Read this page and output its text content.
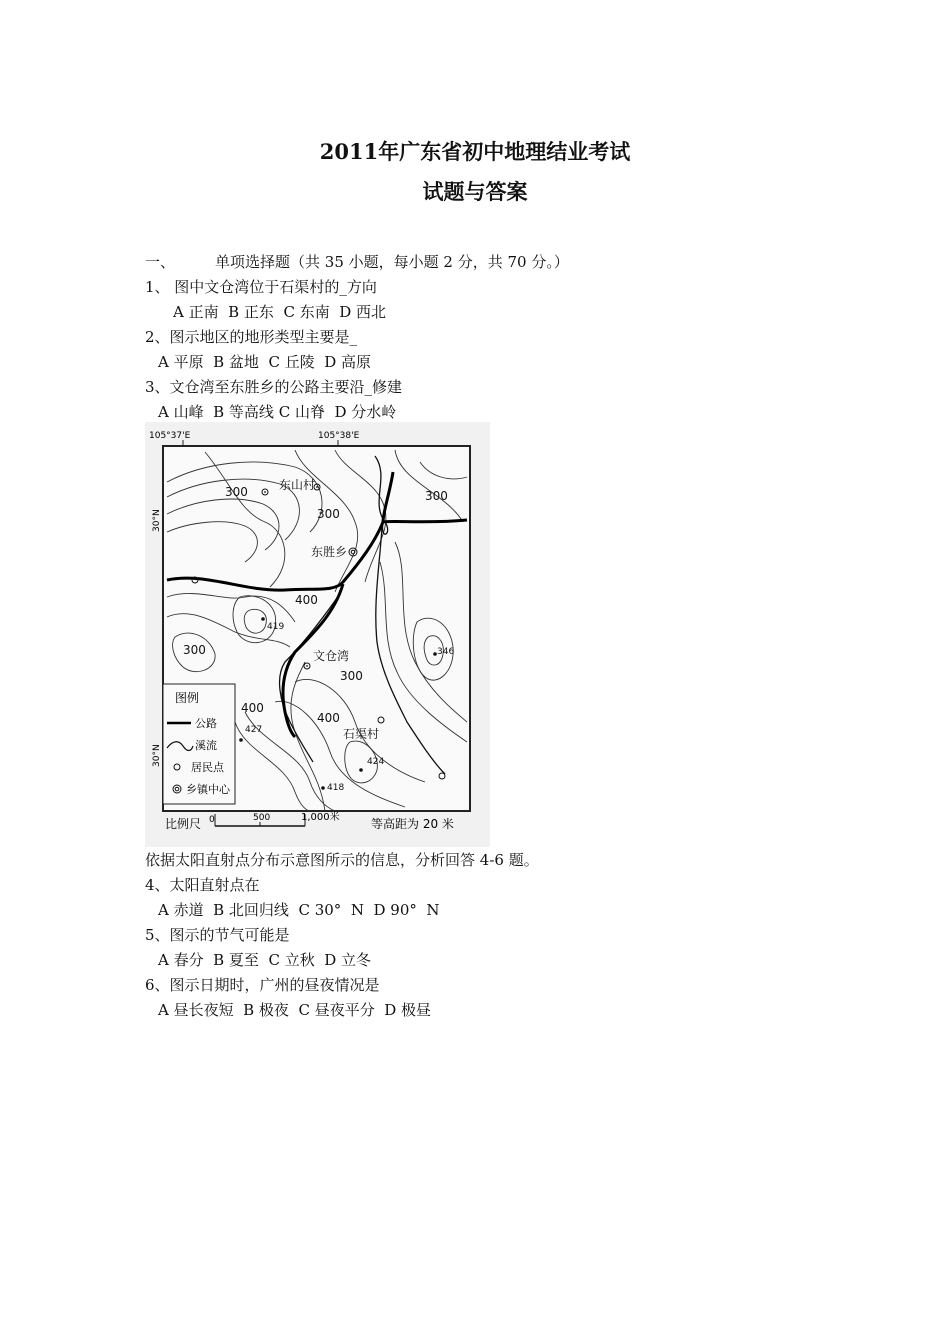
2011年广东省初中地理结业考试
试题与答案
一、	单项选择题（共 35 小题，每小题 2 分，共 70 分。）
1、 图中文仓湾位于石渠村的_方向
A 正南  B 正东  C 东南  D 西北
2、图示地区的地形类型主要是_
A 平原  B 盆地  C 丘陵  D 高原
3、文仓湾至东胜乡的公路主要沿_修建
A 山峰  B 等高线 C 山脊  D 分水岭
105°37'E	105°38'E
30°N
30°N
300
300
300
300
300
400
400
400
419
346
427
424
418
东山村
东胜乡
文仓湾
石渠村
图例
公路
溪流
居民点
乡镇中心
比例尺 0	500	1,000米	等高距为 20 米
依据太阳直射点分布示意图所示的信息，分析回答 4-6 题。
4、太阳直射点在
A 赤道  B 北回归线  C 30°  N  D 90°  N
5、图示的节气可能是
A 春分  B 夏至  C 立秋  D 立冬
6、图示日期时，广州的昼夜情况是
A 昼长夜短  B 极夜  C 昼夜平分  D 极昼
